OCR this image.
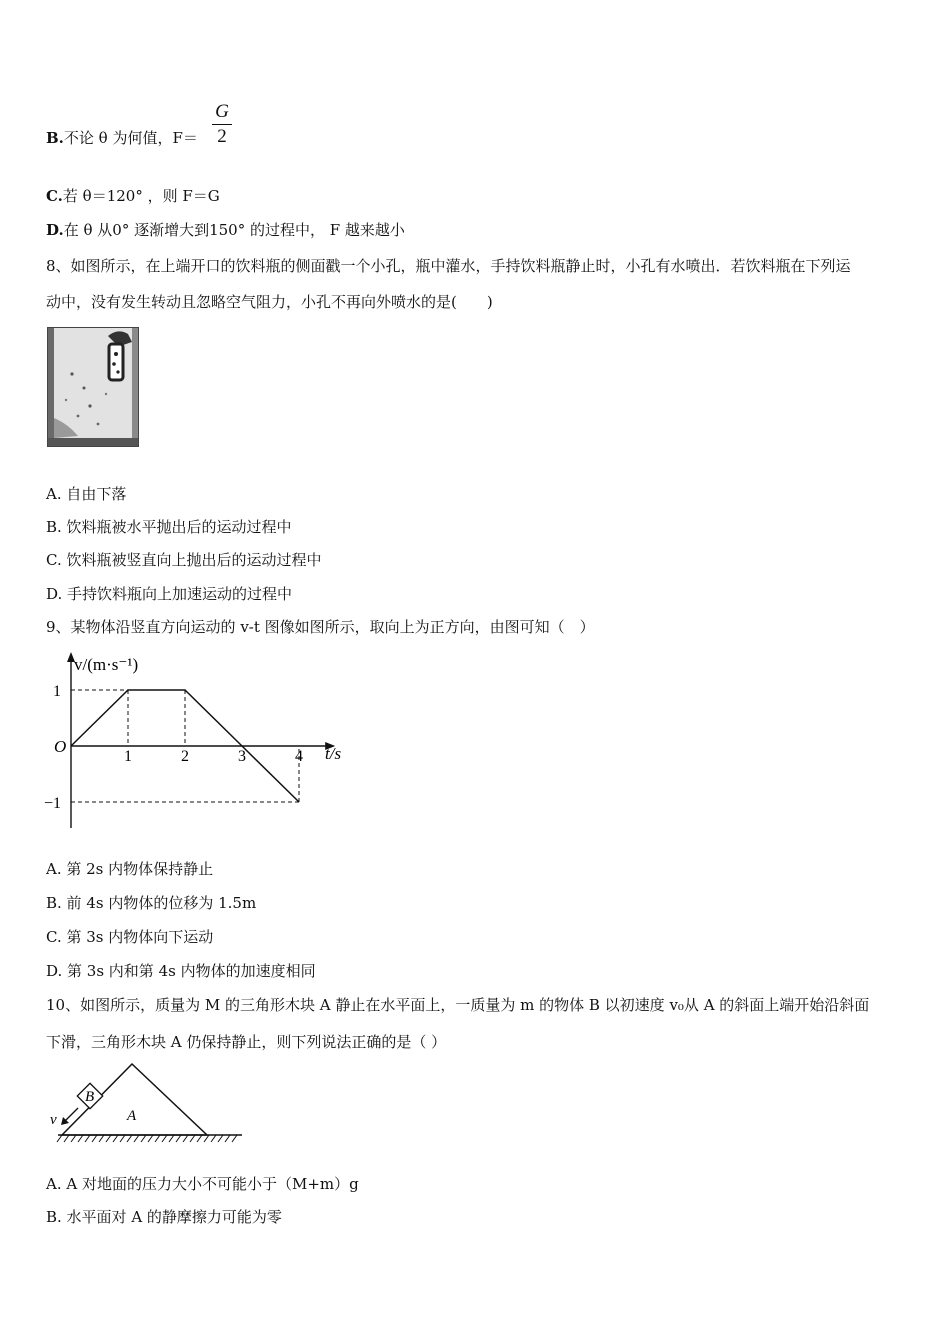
B.不论 θ 为何值，F＝
G
2
C.若 θ＝120° ，则 F＝G
D.在 θ 从0° 逐渐增大到150° 的过程中， F 越来越小
8、如图所示，在上端开口的饮料瓶的侧面戳一个小孔，瓶中灌水，手持饮料瓶静止时，小孔有水喷出．若饮料瓶在下列运
动中，没有发生转动且忽略空气阻力，小孔不再向外喷水的是(　　)
A. 自由下落
B. 饮料瓶被水平抛出后的运动过程中
C. 饮料瓶被竖直向上抛出后的运动过程中
D. 手持饮料瓶向上加速运动的过程中
9、某物体沿竖直方向运动的 v-t 图像如图所示，取向上为正方向，由图可知（　）
1	2	3	4
1
−1
v/(m·s⁻¹)
t/s
O
A. 第 2s 内物体保持静止
B. 前 4s 内物体的位移为 1.5m
C. 第 3s 内物体向下运动
D. 第 3s 内和第 4s 内物体的加速度相同
10、如图所示，质量为 M 的三角形木块 A 静止在水平面上，一质量为 m 的物体 B 以初速度 v₀从 A 的斜面上端开始沿斜面
下滑，三角形木块 A 仍保持静止，则下列说法正确的是（ ）
B
A
v
A. A 对地面的压力大小不可能小于（M+m）g
B. 水平面对 A 的静摩擦力可能为零
